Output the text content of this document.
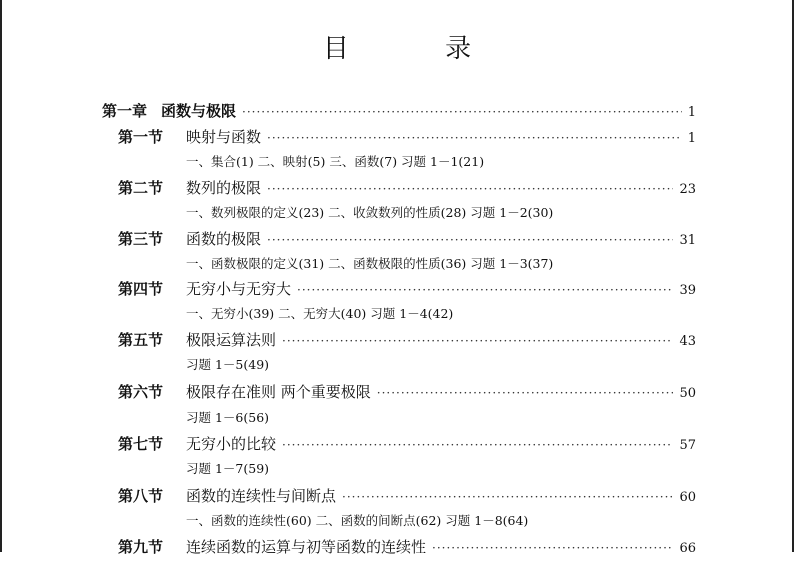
目 录
第一章 函数与极限 ·····	1
第一节	映射与函数 ·····	1
一、集合(1) 二、映射(5) 三、函数(7) 习题 1－1(21)
第二节	数列的极限 ·····	23
一、数列极限的定义(23) 二、收敛数列的性质(28) 习题 1－2(30)
第三节	函数的极限 ·····	31
一、函数极限的定义(31) 二、函数极限的性质(36) 习题 1－3(37)
第四节	无穷小与无穷大 ·····	39
一、无穷小(39) 二、无穷大(40) 习题 1－4(42)
第五节	极限运算法则 ·····	43
习题 1－5(49)
第六节	极限存在准则 两个重要极限 ·····	50
习题 1－6(56)
第七节	无穷小的比较 ·····	57
习题 1－7(59)
第八节	函数的连续性与间断点 ·····	60
一、函数的连续性(60) 二、函数的间断点(62) 习题 1－8(64)
第九节	连续函数的运算与初等函数的连续性 ·····	66
